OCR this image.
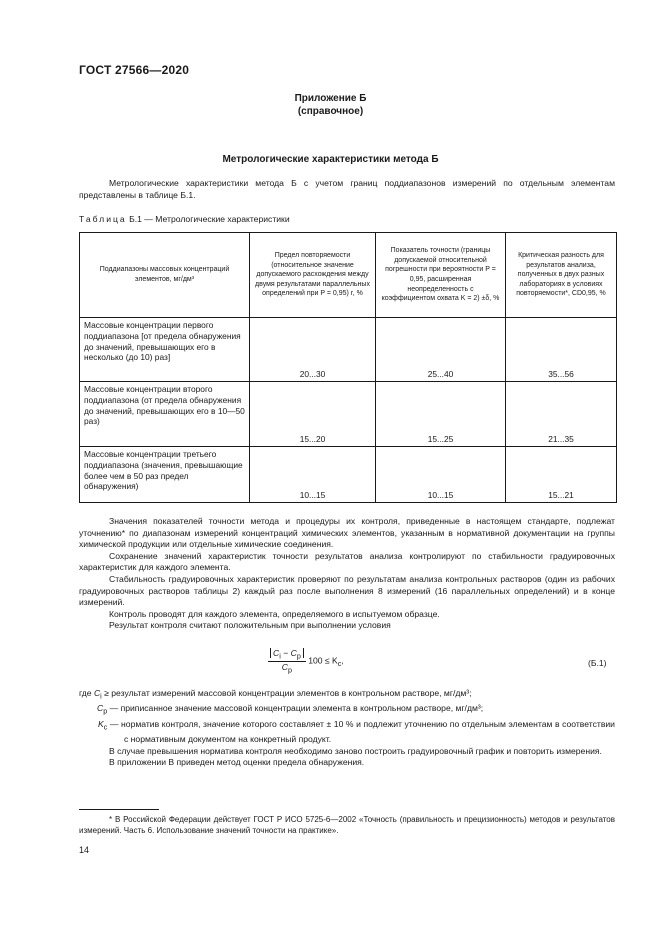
ГОСТ 27566—2020
Приложение Б
(справочное)
Метрологические характеристики метода Б
Метрологические характеристики метода Б с учетом границ поддиапазонов измерений по отдельным элементам представлены в таблице Б.1.
Таблица Б.1 — Метрологические характеристики
Поддиапазоны массовых концентраций элементов, мг/дм³	Предел повторяемости (относительное значение допускаемого расхождения между двумя результатами параллельных определений при P = 0,95) r, %	Показатель точности (границы допускаемой относительной погрешности при вероятности P = 0,95, расширенная неопределенность с коэффициентом охвата K = 2) ±δ, %	Критическая разность для результатов анализа, полученных в двух разных лабораториях в условиях повторяемости*, CD0,95, %
Массовые концентрации первого поддиапазона [от предела обнаружения до значений, превышающих его в несколько (до 10) раз]	20...30	25...40	35...56
Массовые концентрации второго поддиапазона (от предела обнаружения до значений, превышающих его в 10—50 раз)	15...20	15...25	21...35
Массовые концентрации третьего поддиапазона (значения, превышающие более чем в 50 раз предел обнаружения)	10...15	10...15	15...21
Значения показателей точности метода и процедуры их контроля, приведенные в настоящем стандарте, подлежат уточнению* по диапазонам измерений концентраций химических элементов, указанным в нормативной документации на группы химической продукции или отдельные химические соединения.
Сохранение значений характеристик точности результатов анализа контролируют по стабильности градуировочных характеристик для каждого элемента.
Стабильность градуировочных характеристик проверяют по результатам анализа контрольных растворов (один из рабочих градуировочных растворов таблицы 2) каждый раз после выполнения 8 измерений (16 параллельных определений) и в конце измерений.
Контроль проводят для каждого элемента, определяемого в испытуемом образце.
Результат контроля считают положительным при выполнении условия
$\frac{C_i - C_p}{C_p} 100 \le K_c$,	(Б.1)
где $C_i$ ≥ результат измерений массовой концентрации элементов в контрольном растворе, мг/дм³;
$C_p$ — приписанное значение массовой концентрации элемента в контрольном растворе, мг/дм³;
$K_c$ — норматив контроля, значение которого составляет ± 10 % и подлежит уточнению по отдельным элементам в соответствии с нормативным документом на конкретный продукт.
В случае превышения норматива контроля необходимо заново построить градуировочный график и повторить измерения.
В приложении В приведен метод оценки предела обнаружения.
* В Российской Федерации действует ГОСТ Р ИСО 5725-6—2002 «Точность (правильность и прецизионность) методов и результатов измерений. Часть 6. Использование значений точности на практике».
14
